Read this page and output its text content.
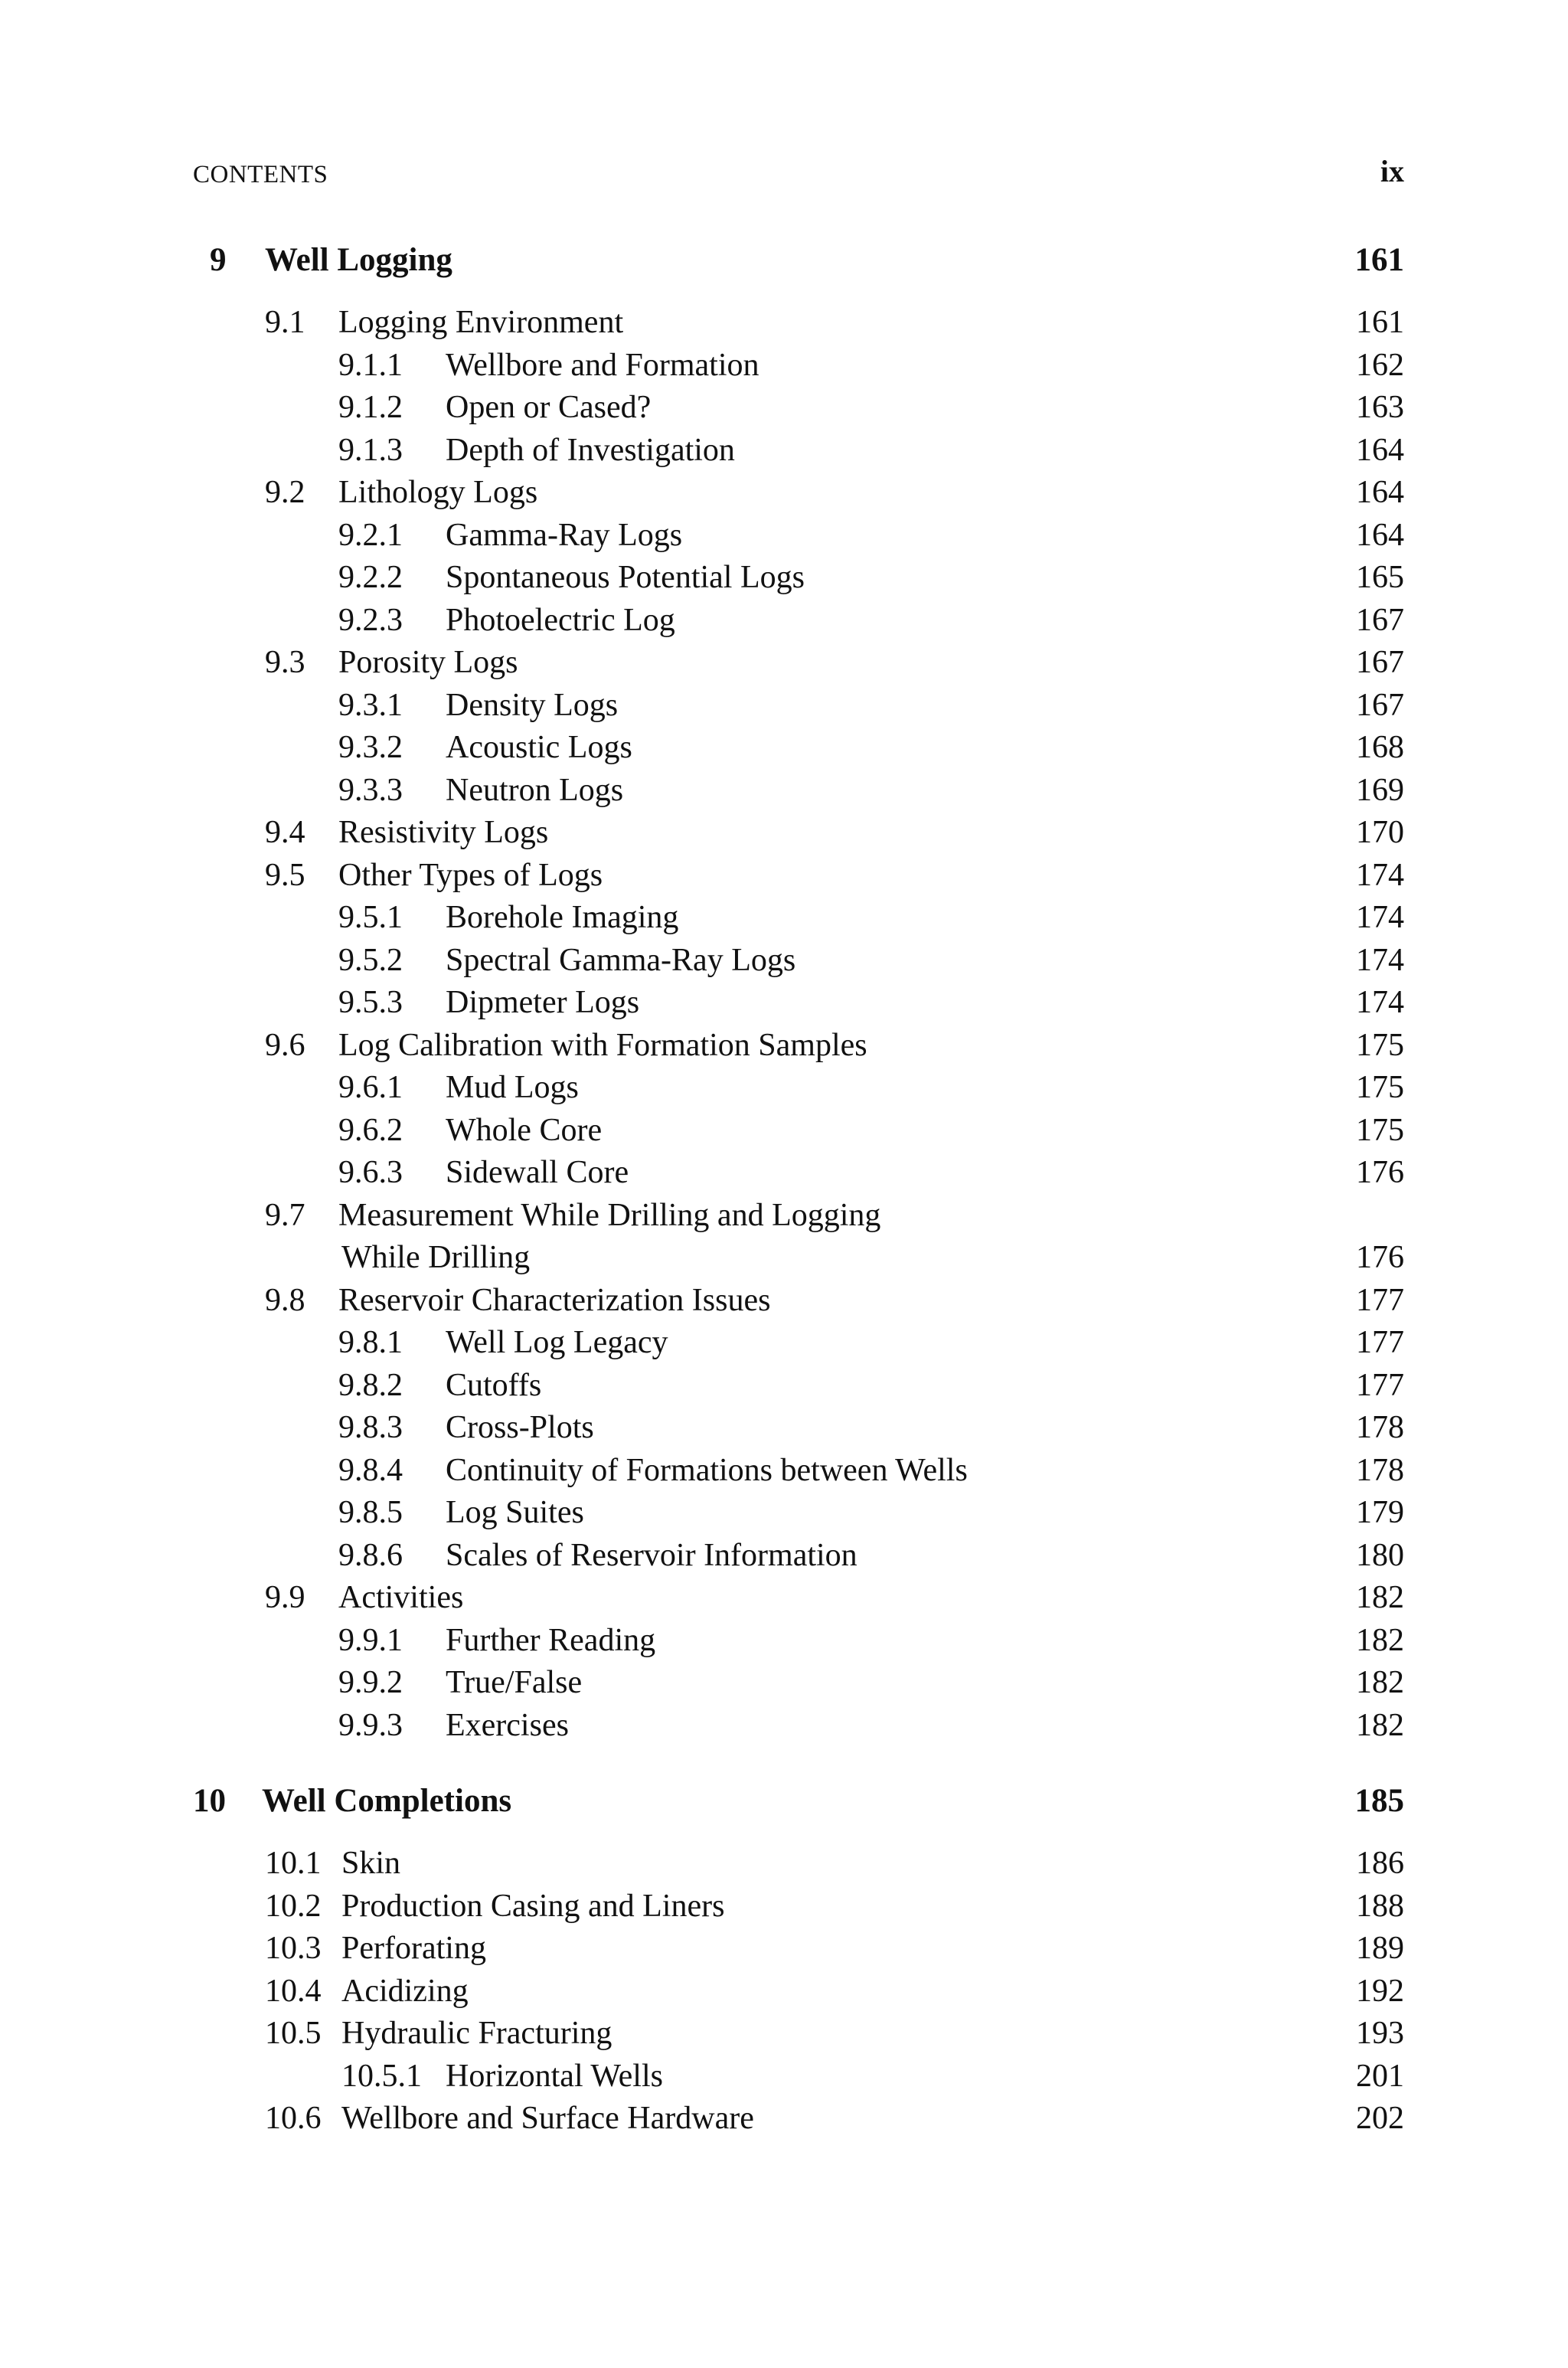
CONTENTS	ix
9 Well Logging	161
9.1 Logging Environment	161
9.1.1 Wellbore and Formation	162
9.1.2 Open or Cased?	163
9.1.3 Depth of Investigation	164
9.2 Lithology Logs	164
9.2.1 Gamma-Ray Logs	164
9.2.2 Spontaneous Potential Logs	165
9.2.3 Photoelectric Log	167
9.3 Porosity Logs	167
9.3.1 Density Logs	167
9.3.2 Acoustic Logs	168
9.3.3 Neutron Logs	169
9.4 Resistivity Logs	170
9.5 Other Types of Logs	174
9.5.1 Borehole Imaging	174
9.5.2 Spectral Gamma-Ray Logs	174
9.5.3 Dipmeter Logs	174
9.6 Log Calibration with Formation Samples	175
9.6.1 Mud Logs	175
9.6.2 Whole Core	175
9.6.3 Sidewall Core	176
9.7 Measurement While Drilling and Logging
While Drilling	176
9.8 Reservoir Characterization Issues	177
9.8.1 Well Log Legacy	177
9.8.2 Cutoffs	177
9.8.3 Cross-Plots	178
9.8.4 Continuity of Formations between Wells	178
9.8.5 Log Suites	179
9.8.6 Scales of Reservoir Information	180
9.9 Activities	182
9.9.1 Further Reading	182
9.9.2 True/False	182
9.9.3 Exercises	182
10 Well Completions	185
10.1 Skin	186
10.2 Production Casing and Liners	188
10.3 Perforating	189
10.4 Acidizing	192
10.5 Hydraulic Fracturing	193
10.5.1 Horizontal Wells	201
10.6 Wellbore and Surface Hardware	202
